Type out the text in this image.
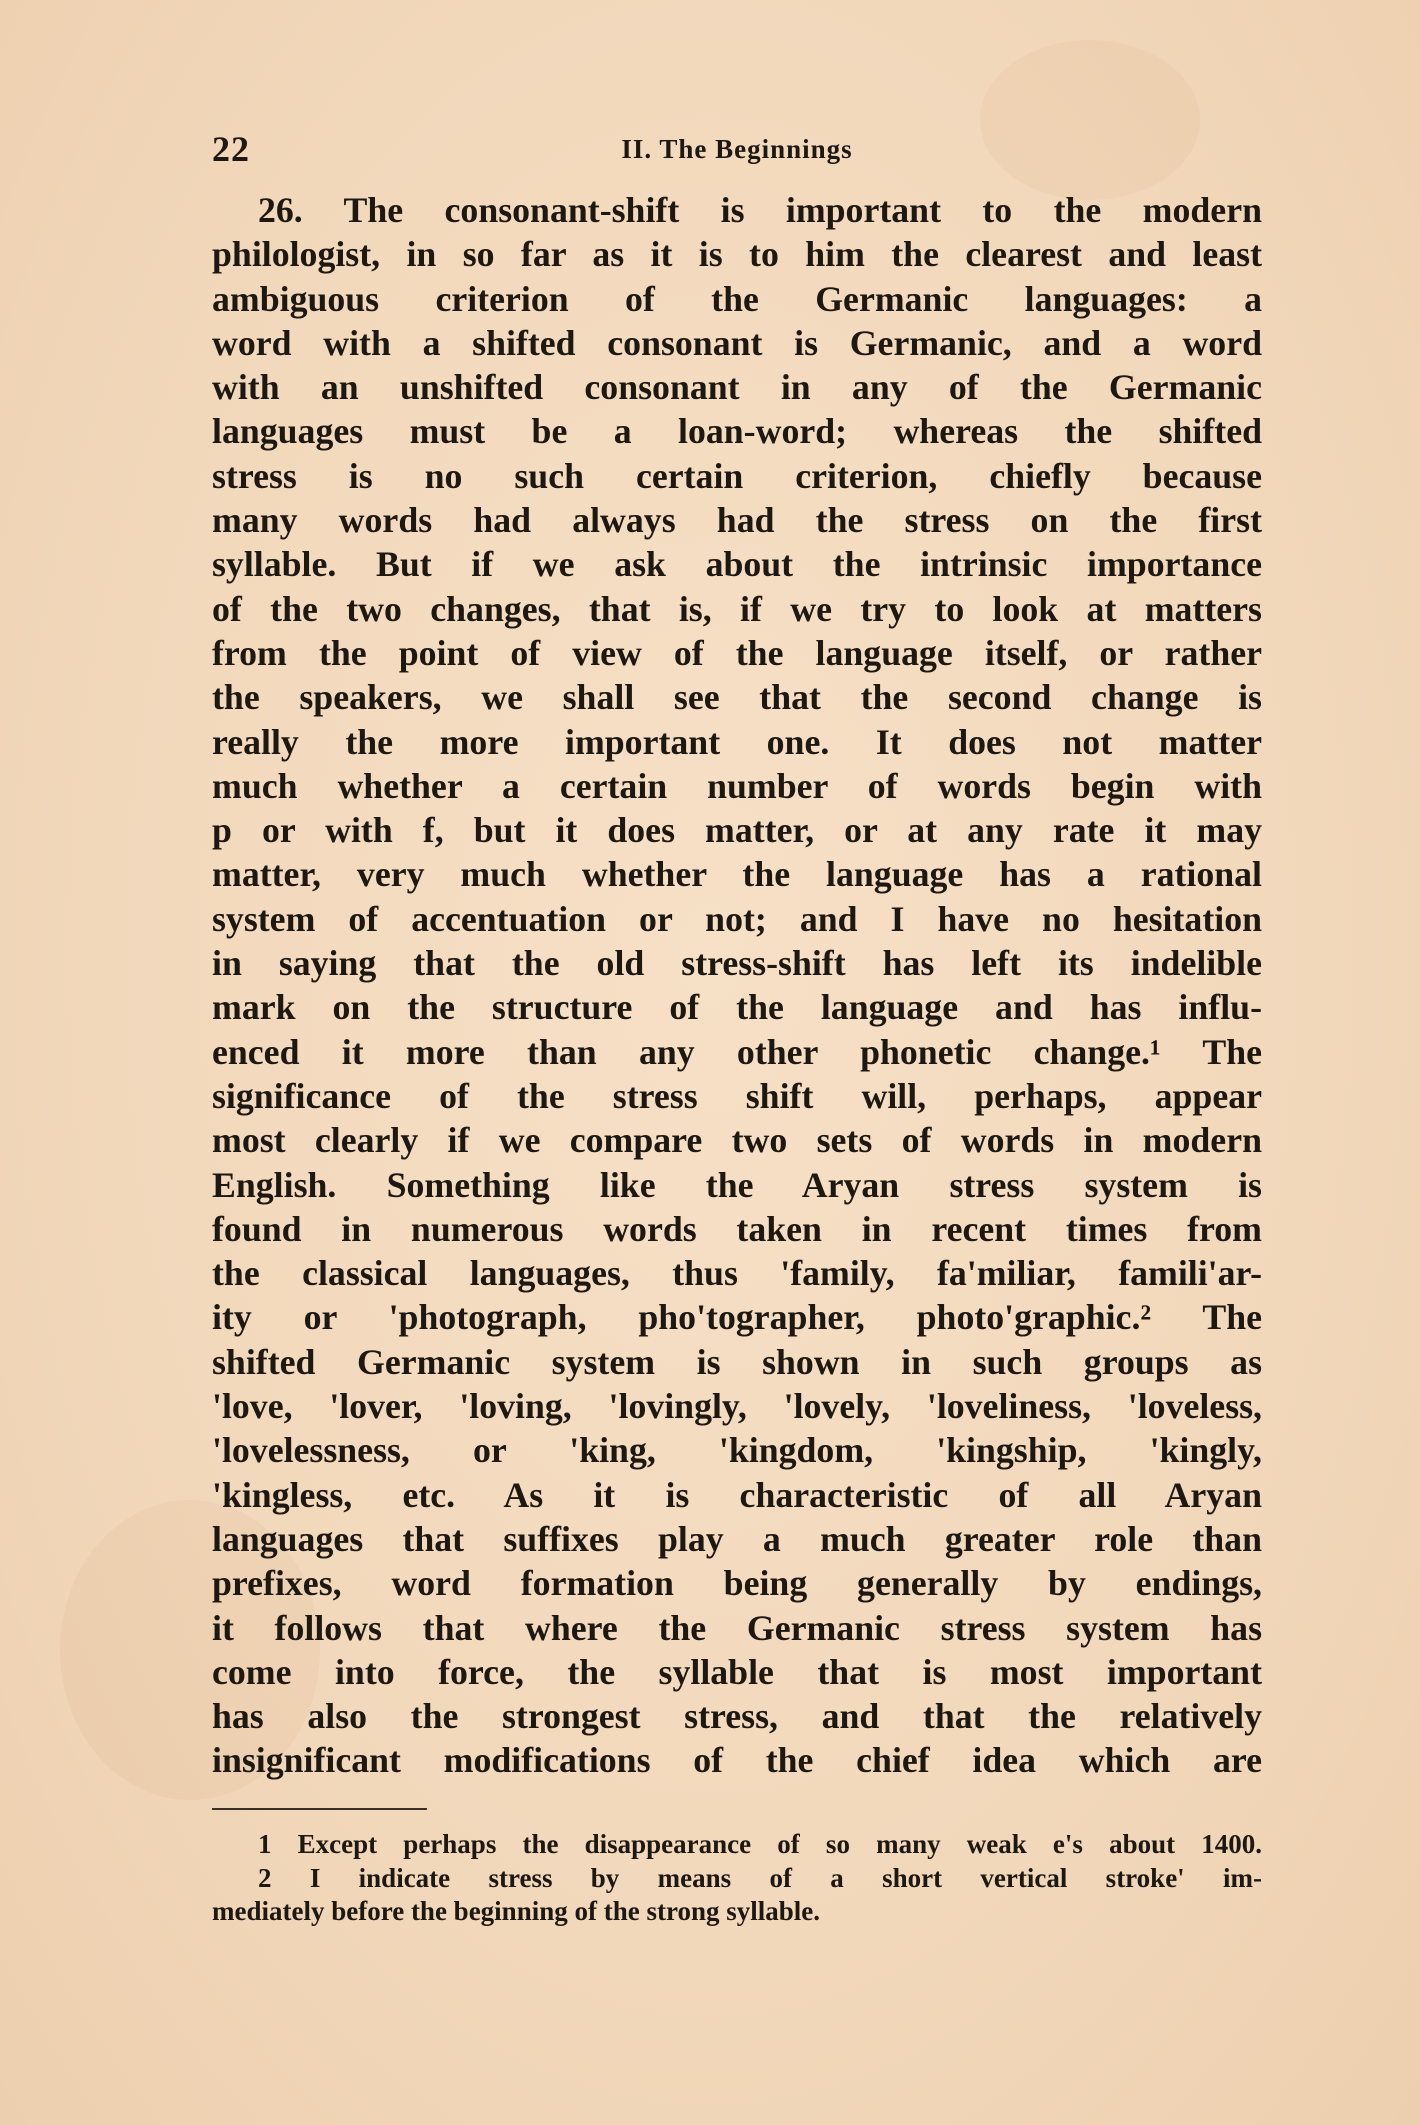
22	II. The Beginnings
26. The consonant-shift is important to the modern
philologist, in so far as it is to him the clearest and least
ambiguous criterion of the Germanic languages: a
word with a shifted consonant is Germanic, and a word
with an unshifted consonant in any of the Germanic
languages must be a loan-word; whereas the shifted
stress is no such certain criterion, chiefly because
many words had always had the stress on the first
syllable. But if we ask about the intrinsic importance
of the two changes, that is, if we try to look at matters
from the point of view of the language itself, or rather
the speakers, we shall see that the second change is
really the more important one. It does not matter
much whether a certain number of words begin with
p or with f, but it does matter, or at any rate it may
matter, very much whether the language has a rational
system of accentuation or not; and I have no hesitation
in saying that the old stress-shift has left its indelible
mark on the structure of the language and has influ-
enced it more than any other phonetic change.¹ The
significance of the stress shift will, perhaps, appear
most clearly if we compare two sets of words in modern
English. Something like the Aryan stress system is
found in numerous words taken in recent times from
the classical languages, thus 'family, fa'miliar, famili'ar-
ity or 'photograph, pho'tographer, photo'graphic.² The
shifted Germanic system is shown in such groups as
'love, 'lover, 'loving, 'lovingly, 'lovely, 'loveliness, 'loveless,
'lovelessness, or 'king, 'kingdom, 'kingship, 'kingly,
'kingless, etc. As it is characteristic of all Aryan
languages that suffixes play a much greater role than
prefixes, word formation being generally by endings,
it follows that where the Germanic stress system has
come into force, the syllable that is most important
has also the strongest stress, and that the relatively
insignificant modifications of the chief idea which are
1 Except perhaps the disappearance of so many weak e's about 1400.
2 I indicate stress by means of a short vertical stroke' im-
mediately before the beginning of the strong syllable.
